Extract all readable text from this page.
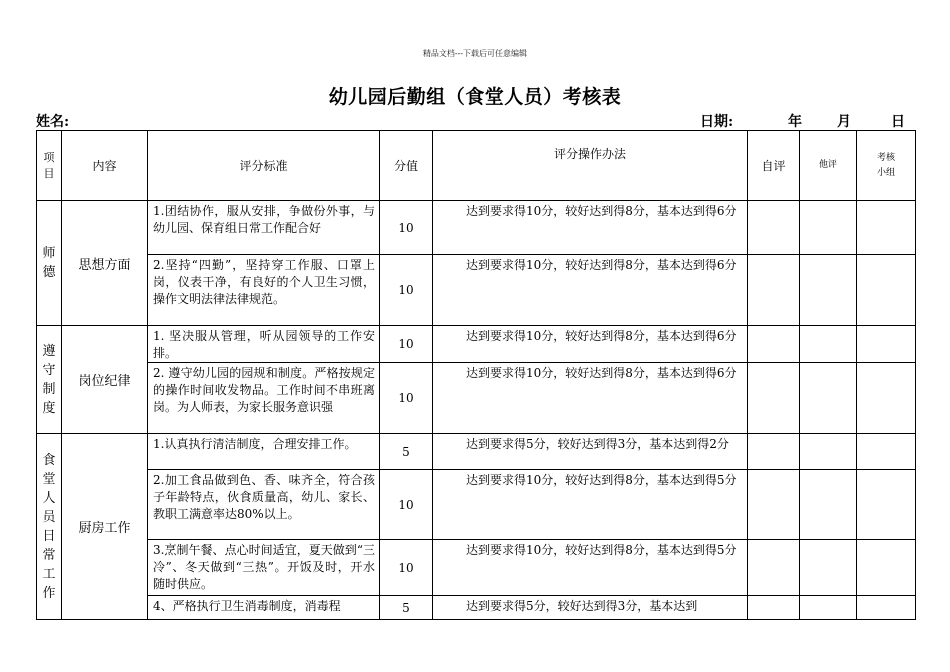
精品文档---下载后可任意编辑
幼儿园后勤组（食堂人员）考核表
姓名:	日期:	年	月	日
项目	内容	评分标准	分值	评分操作办法	自评	他评	考核小组
师德	思想方面	1.团结协作，服从安排，争做份外事，与幼儿园、保育组日常工作配合好	10	达到要求得10分，较好达到得8分，基本达到得6分			
		2.坚持“四勤”，坚持穿工作服、口罩上岗，仪表干净，有良好的个人卫生习惯，操作文明法律法律规范。	10	达到要求得10分，较好达到得8分，基本达到得6分			
遵守制度	岗位纪律	1. 坚决服从管理，听从园领导的工作安排。	10	达到要求得10分，较好达到得8分，基本达到得6分			
		2. 遵守幼儿园的园规和制度。严格按规定的操作时间收发物品。工作时间不串班离岗。为人师表，为家长服务意识强	10	达到要求得10分，较好达到得8分，基本达到得6分			
食堂人员日常工作	厨房工作	1.认真执行清洁制度，合理安排工作。	5	达到要求得5分，较好达到得3分，基本达到得2分			
		2.加工食品做到色、香、味齐全，符合孩子年龄特点，伙食质量高，幼儿、家长、教职工满意率达80%以上。	10	达到要求得10分，较好达到得8分，基本达到得5分			
		3.烹制午餐、点心时间适宜，夏天做到“三冷”、冬天做到“三热”。开饭及时，开水随时供应。	10	达到要求得10分，较好达到得8分，基本达到得5分			
		4、严格执行卫生消毒制度，消毒程	5	达到要求得5分，较好达到得3分，基本达到			
